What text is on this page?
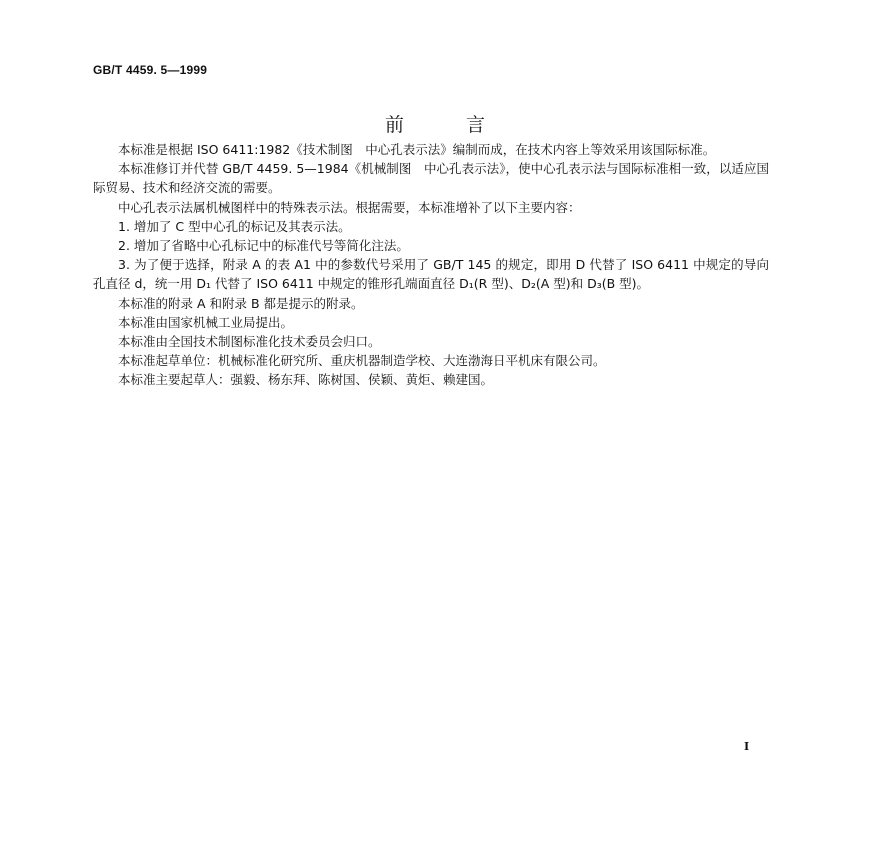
GB/T 4459. 5—1999
前言

本标准是根据 ISO 6411:1982《技术制图　中心孔表示法》编制而成，在技术内容上等效采用该国际标准。

本标准修订并代替 GB/T 4459. 5—1984《机械制图　中心孔表示法》，使中心孔表示法与国际标准相一致，以适应国际贸易、技术和经济交流的需要。

中心孔表示法属机械图样中的特殊表示法。根据需要，本标准增补了以下主要内容：

1. 增加了 C 型中心孔的标记及其表示法。

2. 增加了省略中心孔标记中的标准代号等简化注法。

3. 为了便于选择，附录 A 的表 A1 中的参数代号采用了 GB/T 145 的规定，即用 D 代替了 ISO 6411 中规定的导向孔直径 d，统一用 D₁ 代替了 ISO 6411 中规定的锥形孔端面直径 D₁(R 型)、D₂(A 型)和 D₃(B 型)。

本标准的附录 A 和附录 B 都是提示的附录。

本标准由国家机械工业局提出。

本标准由全国技术制图标准化技术委员会归口。

本标准起草单位：机械标准化研究所、重庆机器制造学校、大连渤海日平机床有限公司。

本标准主要起草人：强毅、杨东拜、陈树国、侯颖、黄炬、赖建国。

I
